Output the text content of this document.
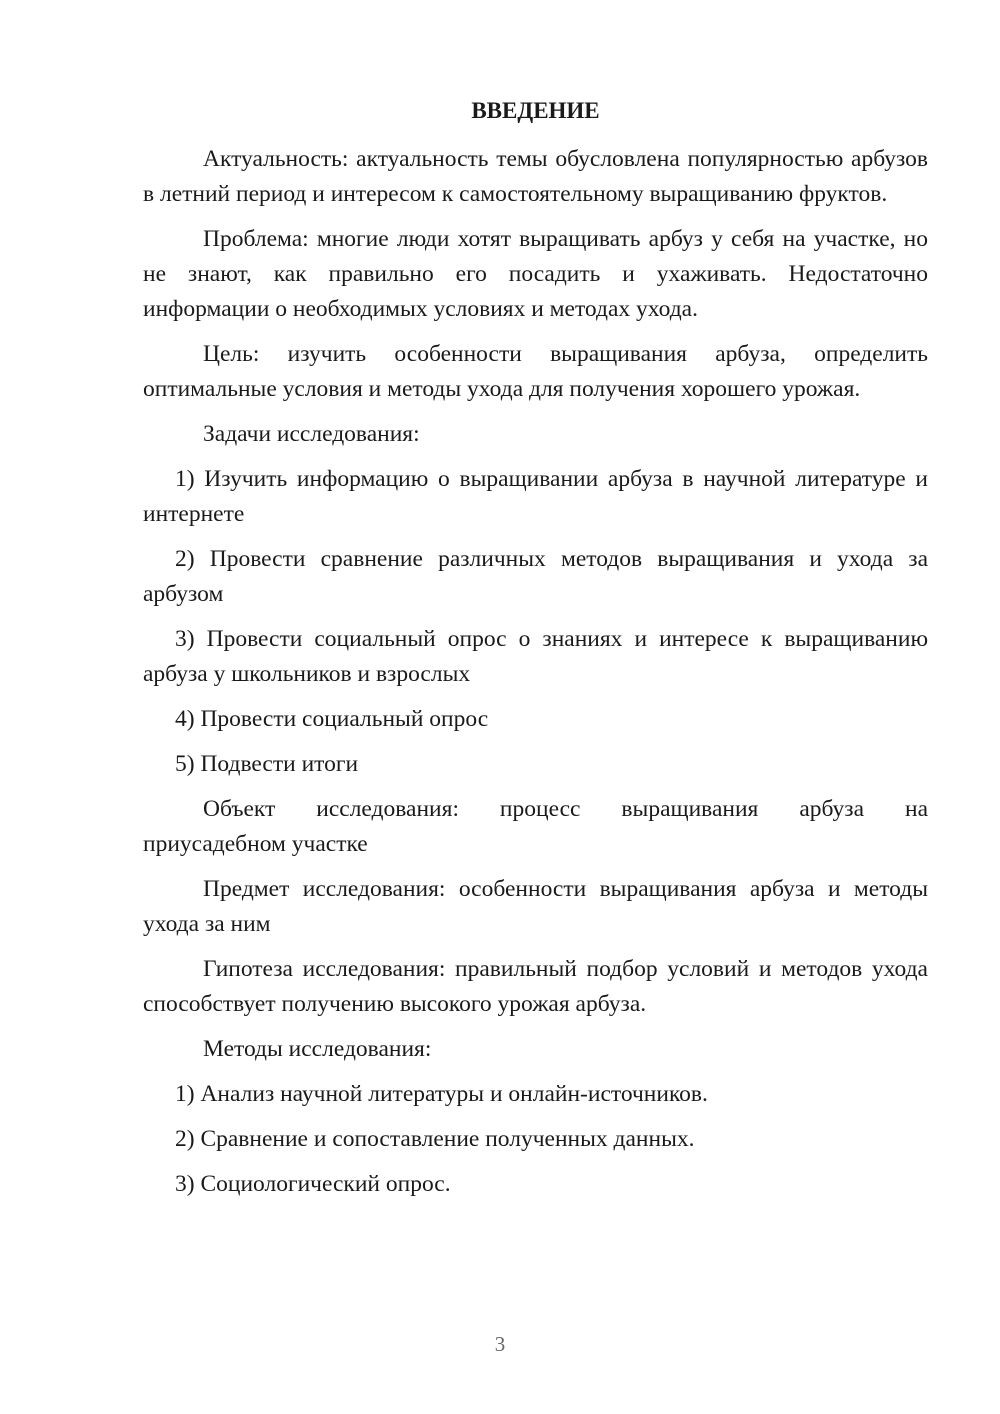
ВВЕДЕНИЕ

Актуальность: актуальность темы обусловлена популярностью арбузов в летний период и интересом к самостоятельному выращиванию фруктов.

Проблема: многие люди хотят выращивать арбуз у себя на участке, но не знают, как правильно его посадить и ухаживать. Недостаточно информации о необходимых условиях и методах ухода.

Цель: изучить особенности выращивания арбуза, определить оптимальные условия и методы ухода для получения хорошего урожая.

Задачи исследования:

1) Изучить информацию о выращивании арбуза в научной литературе и интернете

2) Провести сравнение различных методов выращивания и ухода за арбузом

3) Провести социальный опрос о знаниях и интересе к выращиванию арбуза у школьников и взрослых

4) Провести социальный опрос

5) Подвести итоги

Объект исследования: процесс выращивания арбуза на

приусадебном участке

Предмет исследования: особенности выращивания арбуза и методы ухода за ним

Гипотеза исследования: правильный подбор условий и методов ухода способствует получению высокого урожая арбуза.

Методы исследования:

1) Анализ научной литературы и онлайн-источников.

2) Сравнение и сопоставление полученных данных.

3) Социологический опрос.

3
